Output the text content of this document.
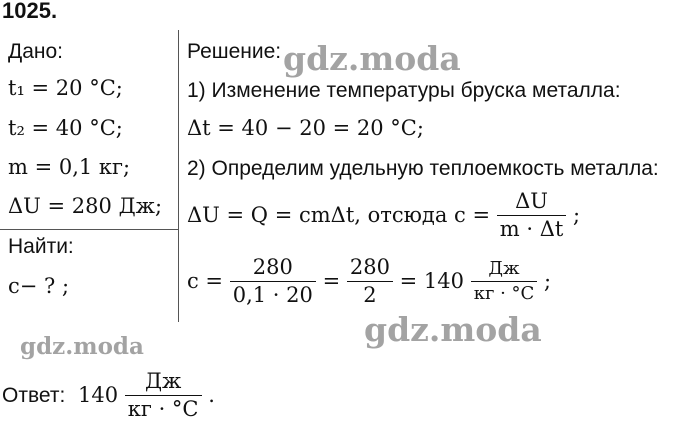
1025.
Дано:
t₁ = 20 °C;
t₂ = 40 °C;
m = 0,1 кг;
ΔU = 280 Дж;
Найти:
c− ? ;
Решение:
1) Изменение температуры бруска металла:
Δt = 40 − 20 = 20 °C;
2) Определим удельную теплоемкость металла:
ΔU = Q = cmΔt, отсюда $c = \frac{\Delta U}{m \cdot \Delta t}$ ;
$c = \frac{280}{0,1 \cdot 20} = \frac{280}{2} = 140 \frac{Дж}{кг \cdot ^\circ C}$ ;
Ответ: $140 \frac{Дж}{кг \cdot ^\circ C}$ .
gdz.moda
gdz.moda
gdz.moda
